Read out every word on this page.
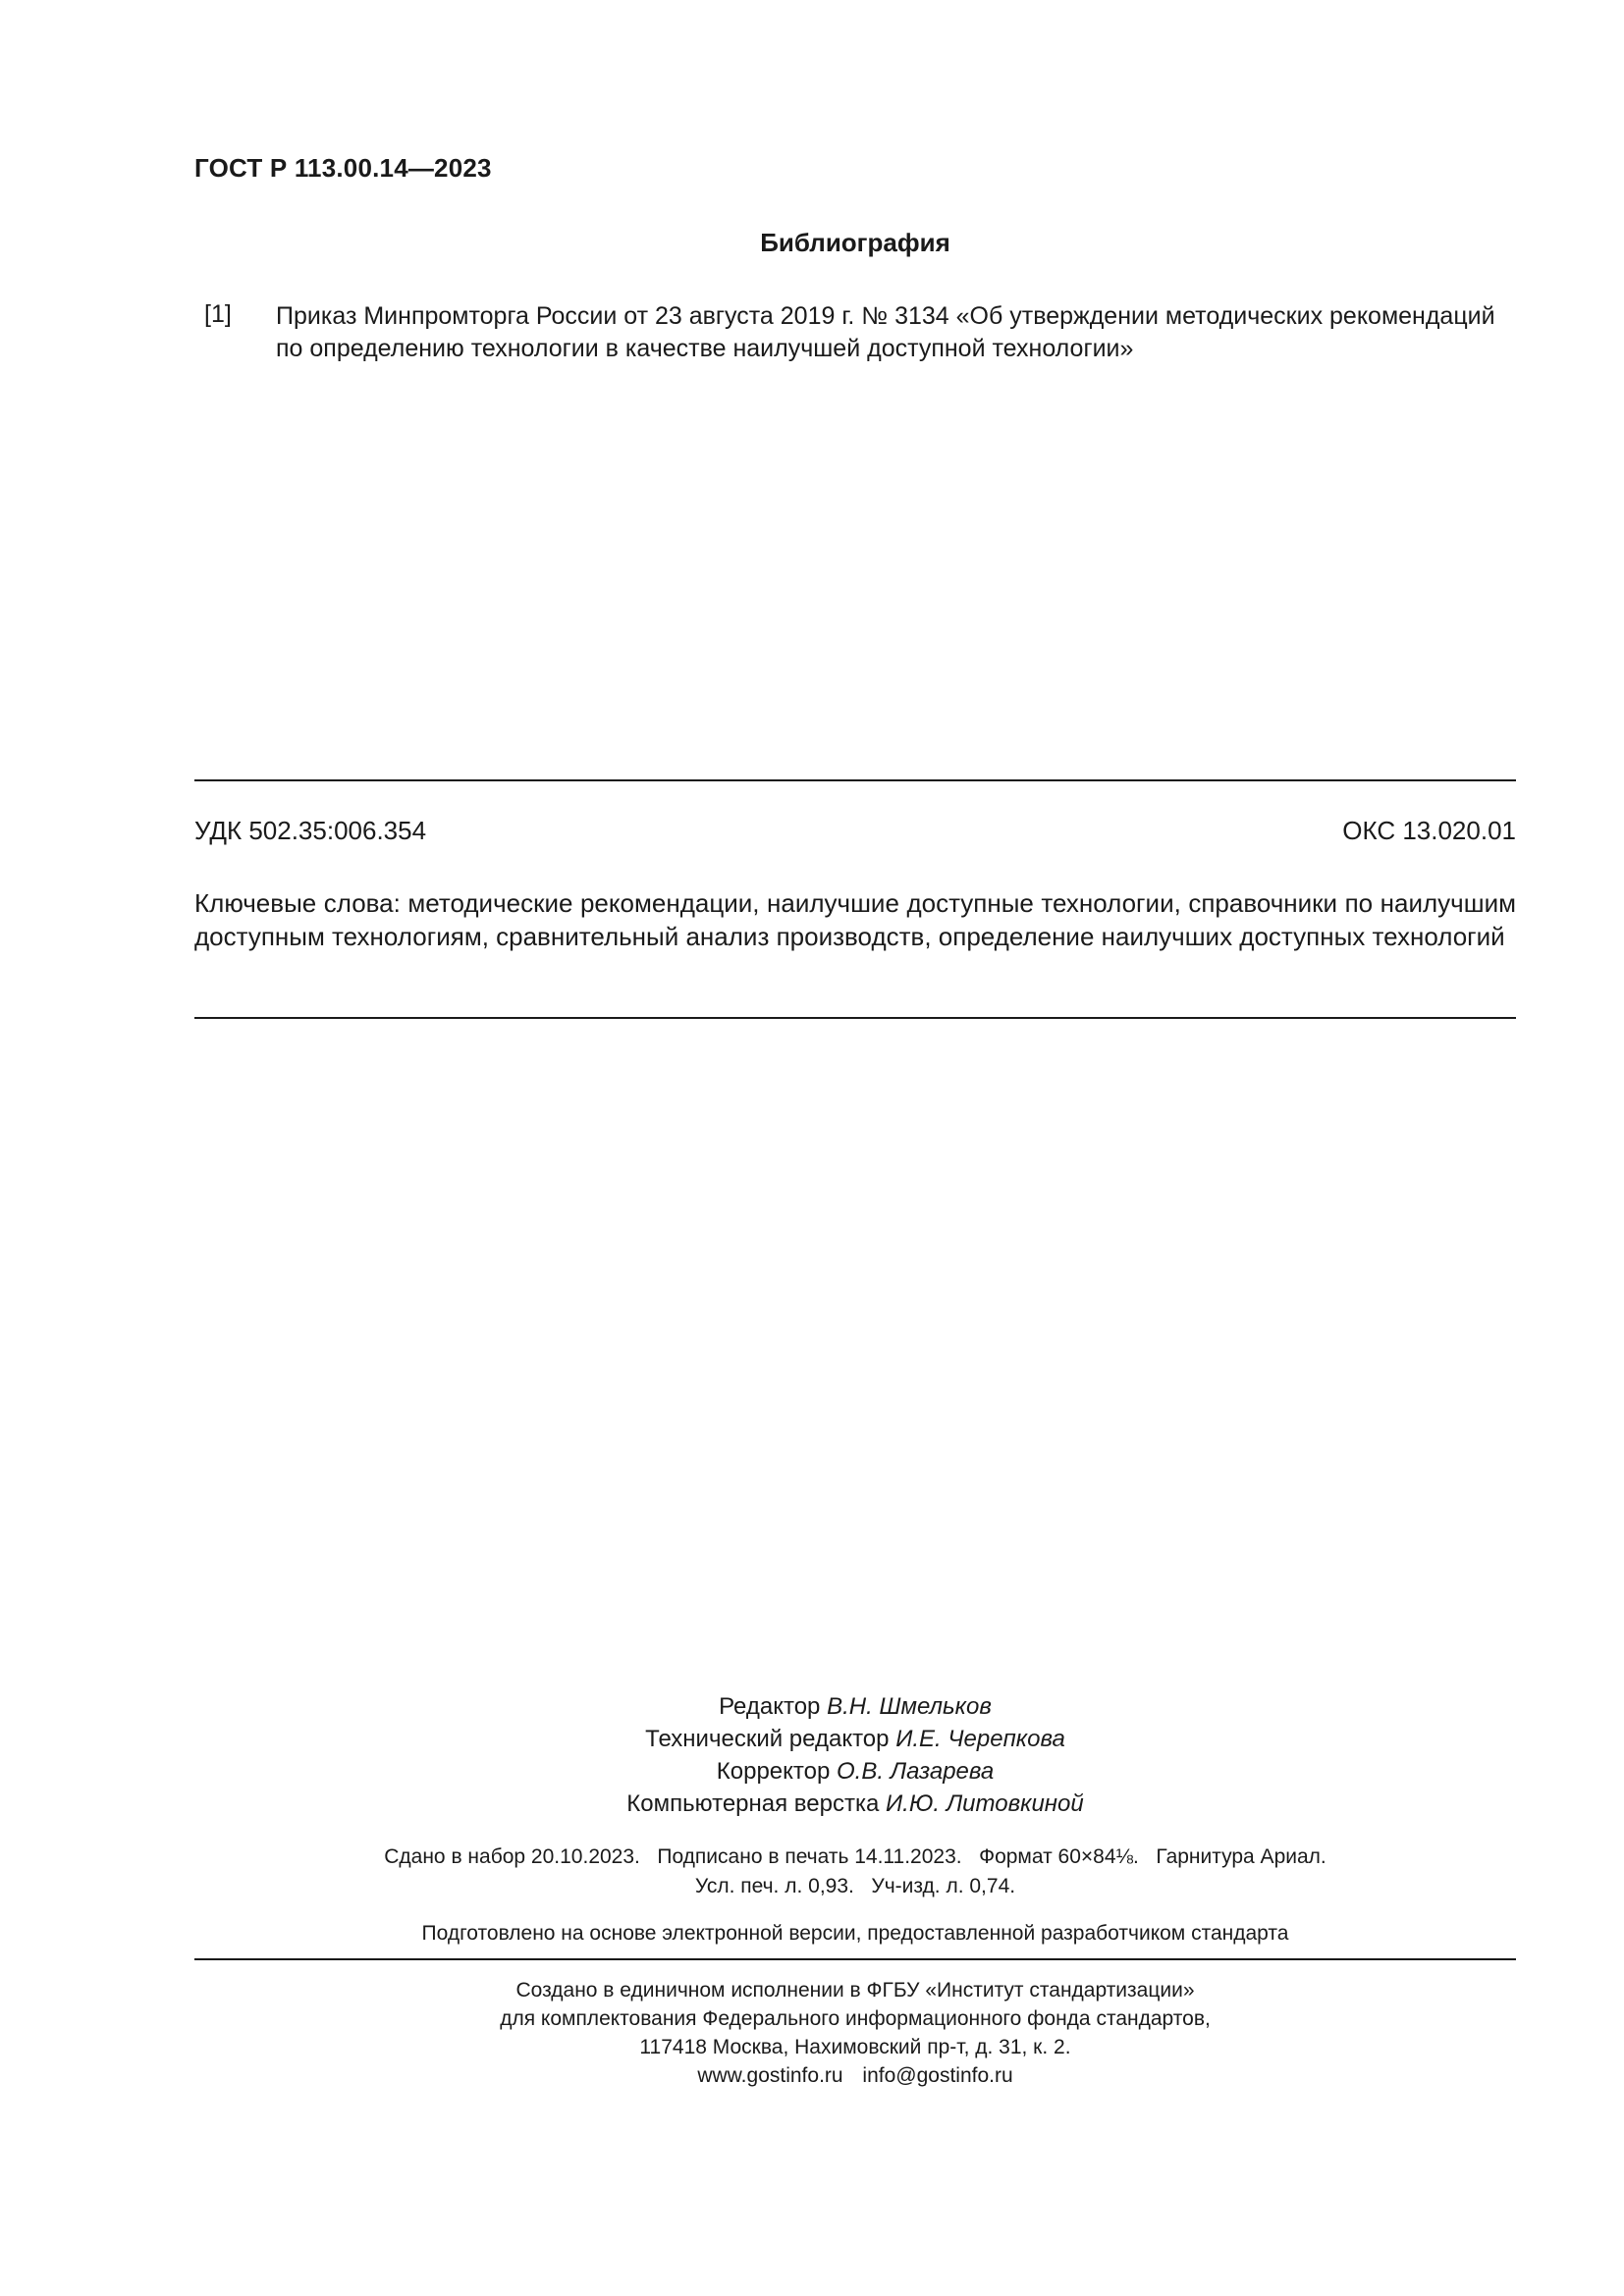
ГОСТ Р 113.00.14—2023
Библиография
[1] Приказ Минпромторга России от 23 августа 2019 г. № 3134 «Об утверждении методических рекомендаций
по определению технологии в качестве наилучшей доступной технологии»
УДК 502.35:006.354	ОКС 13.020.01
Ключевые слова: методические рекомендации, наилучшие доступные технологии, справочники по наилучшим доступным технологиям, сравнительный анализ производств, определение наилучших доступных технологий
Редактор В.Н. Шмельков
Технический редактор И.Е. Черепкова
Корректор О.В. Лазарева
Компьютерная верстка И.Ю. Литовкиной
Сдано в набор 20.10.2023.   Подписано в печать 14.11.2023.   Формат 60×84⅛.   Гарнитура Ариал.
Усл. печ. л. 0,93.   Уч-изд. л. 0,74.
Подготовлено на основе электронной версии, предоставленной разработчиком стандарта
Создано в единичном исполнении в ФГБУ «Институт стандартизации»
для комплектования Федерального информационного фонда стандартов,
117418 Москва, Нахимовский пр-т, д. 31, к. 2.
www.gostinfo.ru info@gostinfo.ru
